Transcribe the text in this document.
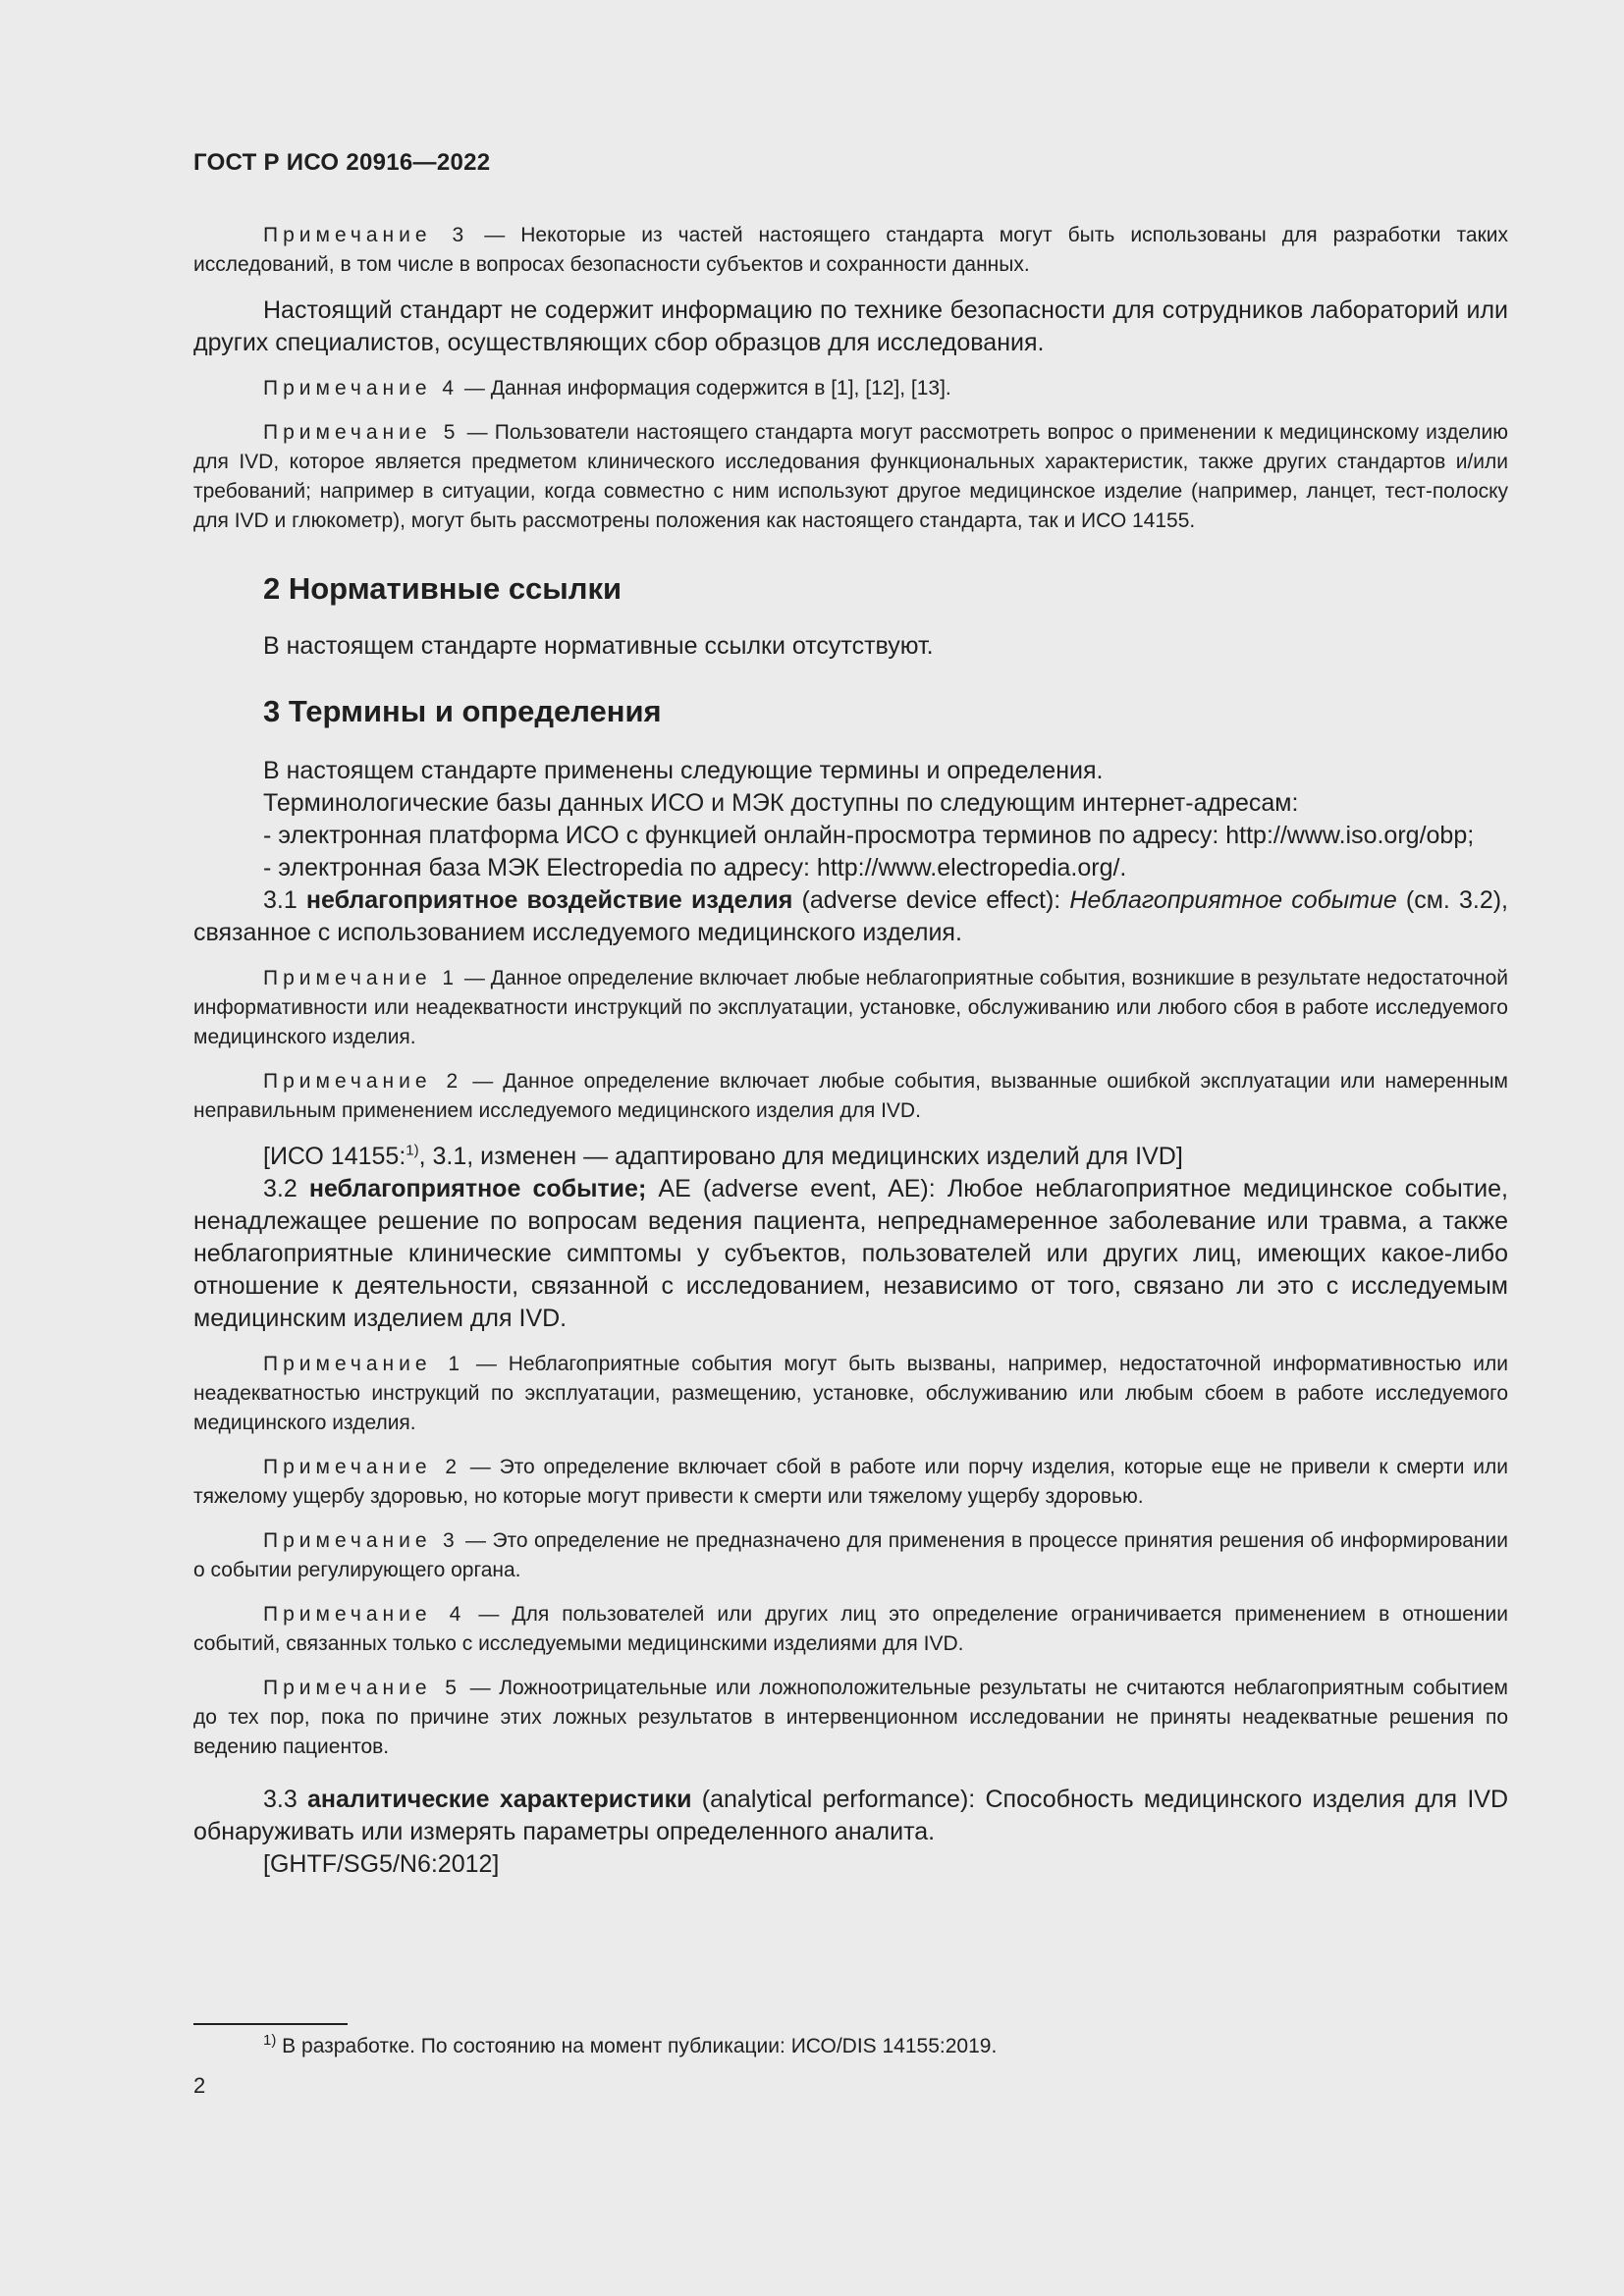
ГОСТ Р ИСО 20916—2022

Примечание 3 — Некоторые из частей настоящего стандарта могут быть использованы для разработки таких исследований, в том числе в вопросах безопасности субъектов и сохранности данных.

Настоящий стандарт не содержит информацию по технике безопасности для сотрудников лабораторий или других специалистов, осуществляющих сбор образцов для исследования.

Примечание 4 — Данная информация содержится в [1], [12], [13].

Примечание 5 — Пользователи настоящего стандарта могут рассмотреть вопрос о применении к медицинскому изделию для IVD, которое является предметом клинического исследования функциональных характеристик, также других стандартов и/или требований; например в ситуации, когда совместно с ним используют другое медицинское изделие (например, ланцет, тест-полоску для IVD и глюкометр), могут быть рассмотрены положения как настоящего стандарта, так и ИСО 14155.

2 Нормативные ссылки

В настоящем стандарте нормативные ссылки отсутствуют.

3 Термины и определения

В настоящем стандарте применены следующие термины и определения.

Терминологические базы данных ИСО и МЭК доступны по следующим интернет-адресам:

- электронная платформа ИСО с функцией онлайн-просмотра терминов по адресу: http://www.iso.org/obp;

- электронная база МЭК Electropedia по адресу: http://www.electropedia.org/.

3.1 неблагоприятное воздействие изделия (adverse device effect): Неблагоприятное событие (см. 3.2), связанное с использованием исследуемого медицинского изделия.

Примечание 1 — Данное определение включает любые неблагоприятные события, возникшие в результате недостаточной информативности или неадекватности инструкций по эксплуатации, установке, обслуживанию или любого сбоя в работе исследуемого медицинского изделия.

Примечание 2 — Данное определение включает любые события, вызванные ошибкой эксплуатации или намеренным неправильным применением исследуемого медицинского изделия для IVD.

[ИСО 14155:$^{1)}$, 3.1, изменен — адаптировано для медицинских изделий для IVD]

3.2 неблагоприятное событие; AE (adverse event, AE): Любое неблагоприятное медицинское событие, ненадлежащее решение по вопросам ведения пациента, непреднамеренное заболевание или травма, а также неблагоприятные клинические симптомы у субъектов, пользователей или других лиц, имеющих какое-либо отношение к деятельности, связанной с исследованием, независимо от того, связано ли это с исследуемым медицинским изделием для IVD.

Примечание 1 — Неблагоприятные события могут быть вызваны, например, недостаточной информативностью или неадекватностью инструкций по эксплуатации, размещению, установке, обслуживанию или любым сбоем в работе исследуемого медицинского изделия.

Примечание 2 — Это определение включает сбой в работе или порчу изделия, которые еще не привели к смерти или тяжелому ущербу здоровью, но которые могут привести к смерти или тяжелому ущербу здоровью.

Примечание 3 — Это определение не предназначено для применения в процессе принятия решения об информировании о событии регулирующего органа.

Примечание 4 — Для пользователей или других лиц это определение ограничивается применением в отношении событий, связанных только с исследуемыми медицинскими изделиями для IVD.

Примечание 5 — Ложноотрицательные или ложноположительные результаты не считаются неблагоприятным событием до тех пор, пока по причине этих ложных результатов в интервенционном исследовании не приняты неадекватные решения по ведению пациентов.

3.3 аналитические характеристики (analytical performance): Способность медицинского изделия для IVD обнаруживать или измерять параметры определенного аналита.

[GHTF/SG5/N6:2012]

$^{1)}$ В разработке. По состоянию на момент публикации: ИСО/DIS 14155:2019.
2
